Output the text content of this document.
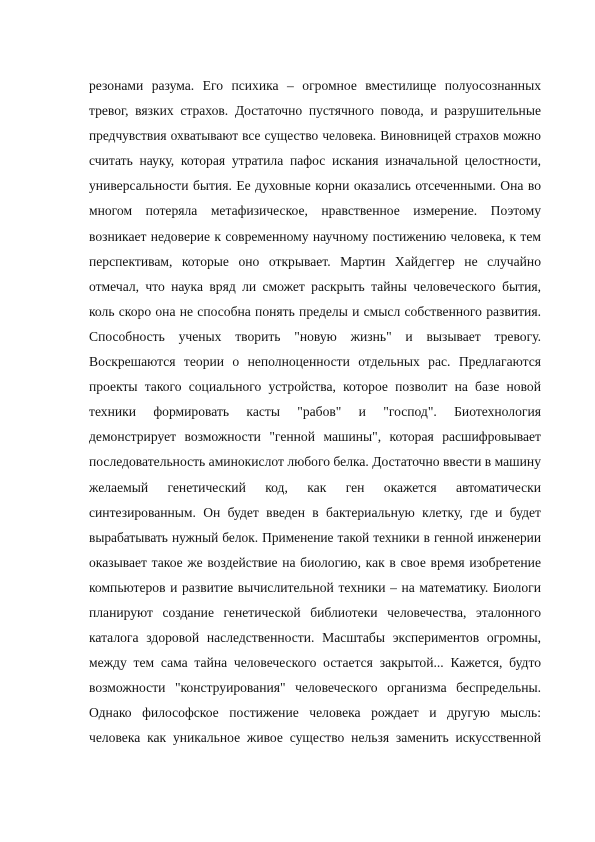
резонами разума. Его психика – огромное вместилище полуосознанных
тревог, вязких страхов. Достаточно пустячного повода, и разрушительные
предчувствия охватывают все существо человека. Виновницей страхов можно
считать науку, которая утратила пафос искания изначальной целостности,
универсальности бытия. Ее духовные корни оказались отсеченными. Она во
многом потеряла метафизическое, нравственное измерение. Поэтому
возникает недоверие к современному научному постижению человека, к тем
перспективам, которые оно открывает. Мартин Хайдеггер не случайно
отмечал, что наука вряд ли сможет раскрыть тайны человеческого бытия,
коль скоро она не способна понять пределы и смысл собственного развития.
Способность ученых творить "новую жизнь" и вызывает тревогу.
Воскрешаются теории о неполноценности отдельных рас. Предлагаются
проекты такого социального устройства, которое позволит на базе новой
техники формировать касты "рабов" и "господ". Биотехнология
демонстрирует возможности "генной машины", которая расшифровывает
последовательность аминокислот любого белка. Достаточно ввести в машину
желаемый генетический код, как ген окажется автоматически
синтезированным. Он будет введен в бактериальную клетку, где и будет
вырабатывать нужный белок. Применение такой техники в генной инженерии
оказывает такое же воздействие на биологию, как в свое время изобретение
компьютеров и развитие вычислительной техники – на математику. Биологи
планируют создание генетической библиотеки человечества, эталонного
каталога здоровой наследственности. Масштабы экспериментов огромны,
между тем сама тайна человеческого остается закрытой... Кажется, будто
возможности "конструирования" человеческого организма беспредельны.
Однако философское постижение человека рождает и другую мысль:
человека как уникальное живое существо нельзя заменить искусственной
